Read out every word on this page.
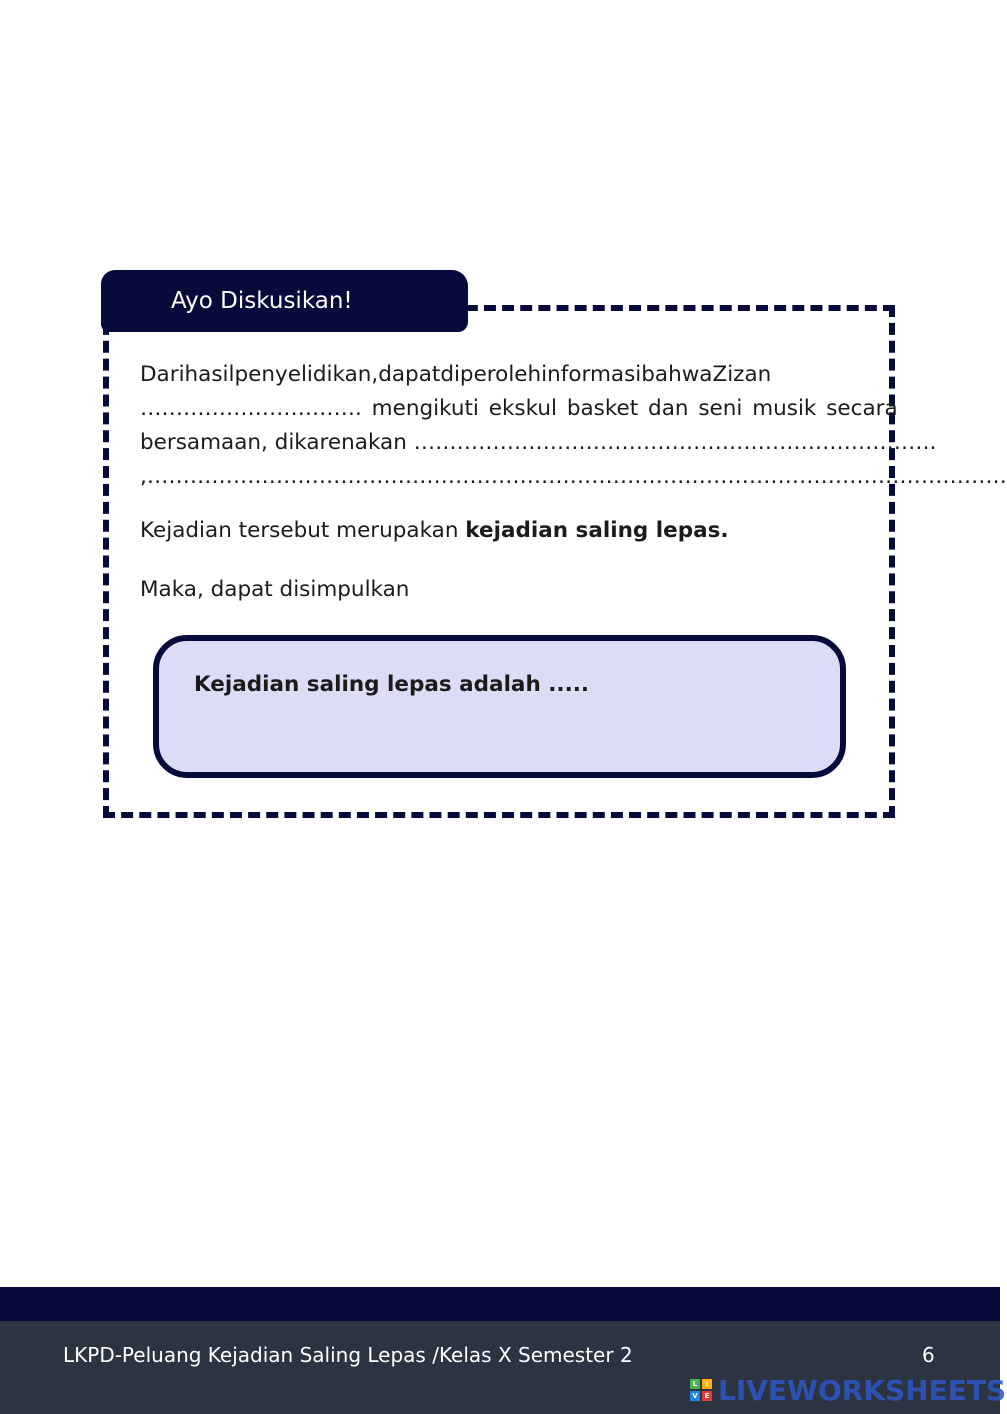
Ayo Diskusikan!
Darihasilpenyelidikan,dapatdiperolehinformasibahwaZizan
…………………………. mengikuti ekskul basket dan seni musik secara
bersamaan, dikarenakan ……………………………………………………………….
,…………………………………………………………………………………………………………
Kejadian tersebut merupakan kejadian saling lepas.
Maka, dapat disimpulkan
Kejadian saling lepas adalah .....
LKPD-Peluang Kejadian Saling Lepas /Kelas X Semester 2	6
L	I
V E LIVEWORKSHEETS
